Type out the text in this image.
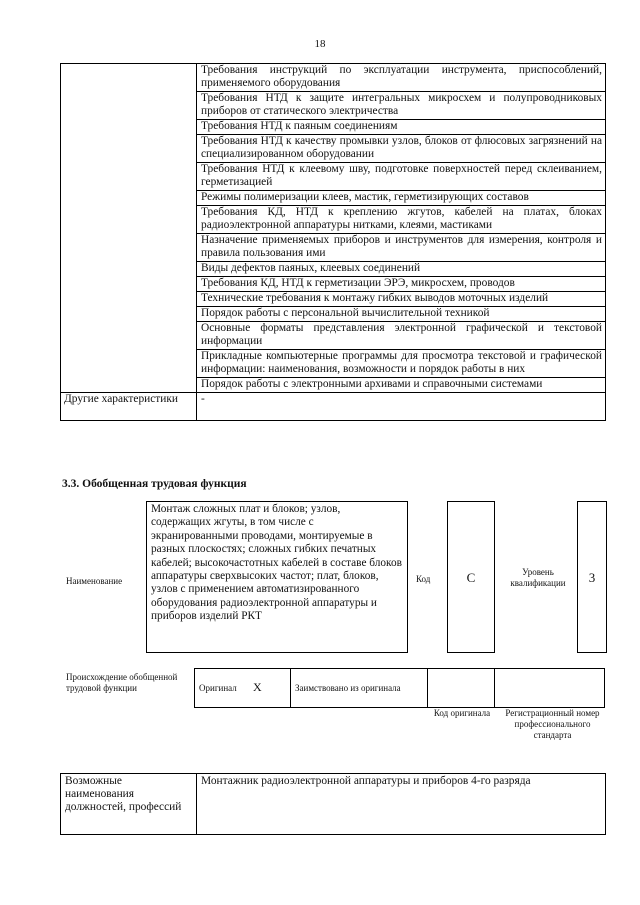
18
	Требования инструкций по эксплуатации инструмента, приспособлений, применяемого оборудования
	Требования НТД к защите интегральных микросхем и полупроводниковых приборов от статического электричества
	Требования НТД к паяным соединениям
	Требования НТД к качеству промывки узлов, блоков от флюсовых загрязнений на специализированном оборудовании
	Требования НТД к клеевому шву, подготовке поверхностей перед склеиванием, герметизацией
	Режимы полимеризации клеев, мастик, герметизирующих составов
	Требования КД, НТД к креплению жгутов, кабелей на платах, блоках радиоэлектронной аппаратуры нитками, клеями, мастиками
	Назначение применяемых приборов и инструментов для измерения, контроля и правила пользования ими
	Виды дефектов паяных, клеевых соединений
	Требования КД, НТД к герметизации ЭРЭ, микросхем, проводов
	Технические требования к монтажу гибких выводов моточных изделий
	Порядок работы с персональной вычислительной техникой
	Основные форматы представления электронной графической и текстовой информации
	Прикладные компьютерные программы для просмотра текстовой и графической информации: наименования, возможности и порядок работы в них
	Порядок работы с электронными архивами и справочными системами
Другие характеристики	-
3.3. Обобщенная трудовая функция
Наименование
Монтаж сложных плат и блоков; узлов, содержащих жгуты, в том числе с экранированными проводами, монтируемые в разных плоскостях; сложных гибких печатных кабелей; высокочастотных кабелей в составе блоков аппаратуры сверхвысоких частот; плат, блоков, узлов с применением автоматизированного оборудования радиоэлектронной аппаратуры и приборов изделий РКТ
Код	С	Уровень квалификации	3
Происхождение обобщенной трудовой функции	Оригинал Х	Заимствовано из оригинала		
Код оригинала	Регистрационный номер профессионального стандарта
Возможные наименования должностей, профессий	Монтажник радиоэлектронной аппаратуры и приборов 4-го разряда
